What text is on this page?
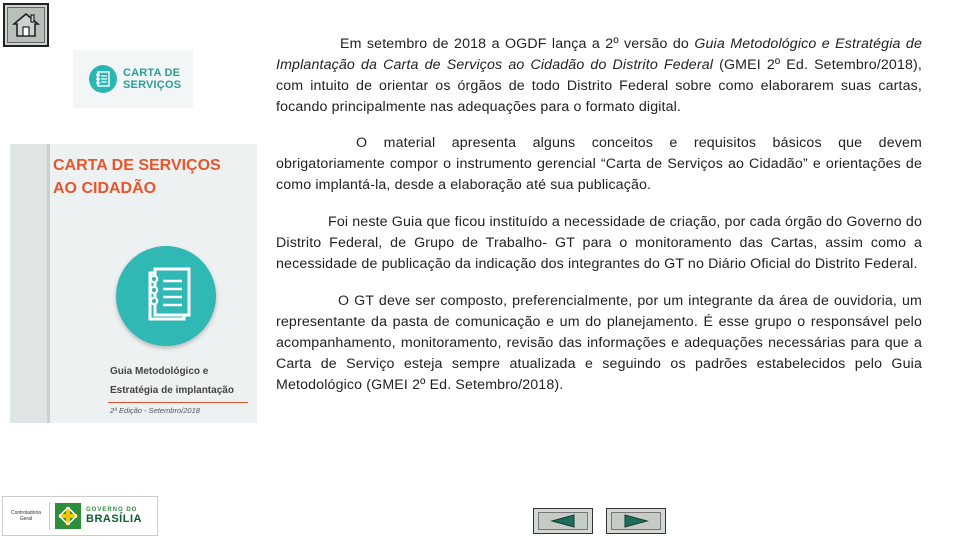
CARTA DE
SERVIÇOS
CARTA DE SERVIÇOS
AO CIDADÃO
Guia Metodológico e
Estratégia de implantação
2ª Edição - Setembro/2018

Em setembro de 2018 a OGDF lança a 2º versão do Guia Metodológico e Estratégia de Implantação da Carta de Serviços ao Cidadão do Distrito Federal (GMEI 2º Ed. Setembro/2018), com intuito de orientar os órgãos de todo Distrito Federal sobre como elaborarem suas cartas, focando principalmente nas adequações para o formato digital.

O material apresenta alguns conceitos e requisitos básicos que devem obrigatoriamente compor o instrumento gerencial “Carta de Serviços ao Cidadão” e orientações de como implantá-la, desde a elaboração até sua publicação.

Foi neste Guia que ficou instituído a necessidade de criação, por cada órgão do Governo do Distrito Federal, de Grupo de Trabalho- GT para o monitoramento das Cartas, assim como a necessidade de publicação da indicação dos integrantes do GT no Diário Oficial do Distrito Federal.

O GT deve ser composto, preferencialmente, por um integrante da área de ouvidoria, um representante da pasta de comunicação e um do planejamento. É esse grupo o responsável pelo acompanhamento, monitoramento, revisão das informações e adequações necessárias para que a Carta de Serviço esteja sempre atualizada e seguindo os padrões estabelecidos pelo Guia Metodológico (GMEI 2º Ed. Setembro/2018).

Controladoria
Geral
GOVERNO DO
BRASÍLIA
